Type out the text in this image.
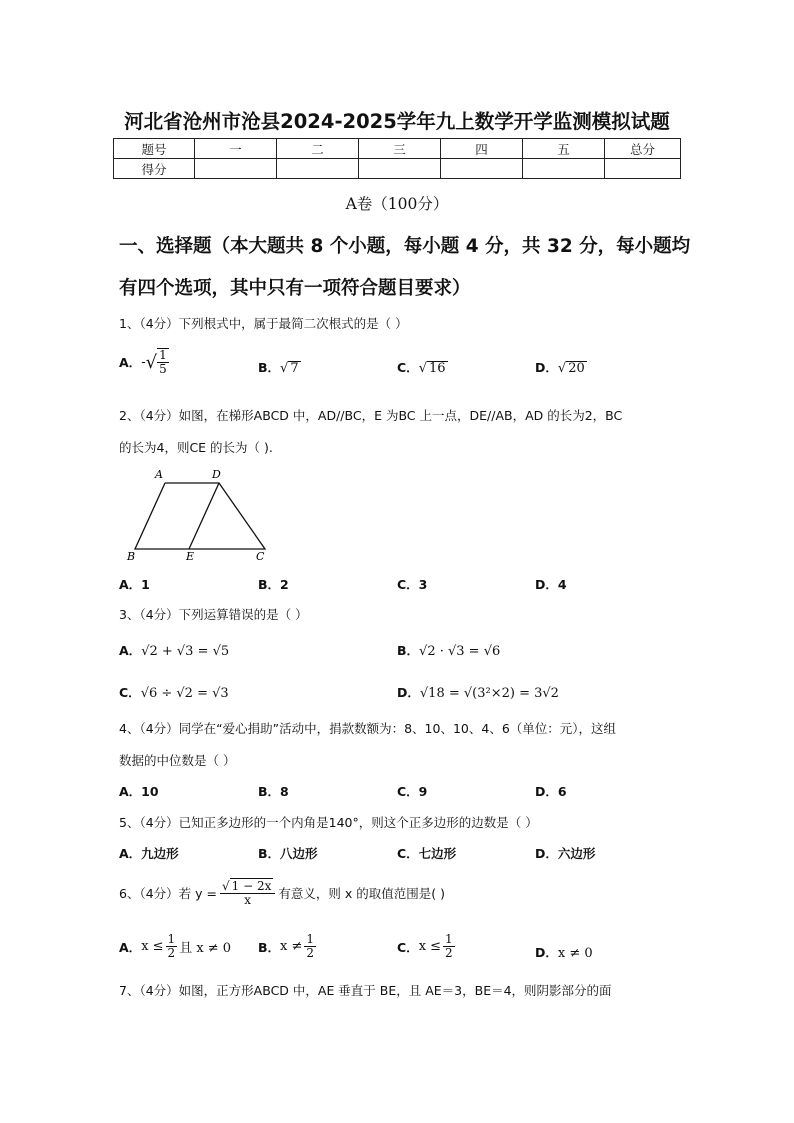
河北省沧州市沧县2024-2025学年九上数学开学监测模拟试题
题号	一	二	三	四	五	总分
得分						
A卷（100分）
一、选择题（本大题共 8 个小题，每小题 4 分，共 32 分，每小题均
有四个选项，其中只有一项符合题目要求）
1、（4分）下列根式中，属于最简二次根式的是（ ）
A． - √ $\frac{1}{5}$	B．√ 7	C．√ 16	D．√ 20
2、（4分）如图，在梯形ABCD 中，AD//BC，E 为BC 上一点，DE//AB，AD 的长为2，BC
的长为4，则CE 的长为（ ).
A	D
B	E	C
A．1	B．2	C．3	D．4
3、（4分）下列运算错误的是（ ）
A．√2 + √3 = √5	B．√2 · √3 = √6
C．√6 ÷ √2 = √3	D．√18 = √(3²×2) = 3√2
4、（4分）同学在“爱心捐助”活动中，捐款数额为：8、10、10、4、6（单位：元），这组
数据的中位数是（ ）
A．10	B．8	C．9	D．6
5、（4分）已知正多边形的一个内角是140°，则这个正多边形的边数是（ ）
A．九边形	B．八边形	C．七边形	D．六边形
6、（4分）若 $y = \frac{√ 1 - 2x}{x}$ 有意义，则 x 的取值范围是( )
A． $x \le \frac{1}{2}$ 且 x ≠ 0 B． $x \ne \frac{1}{2}$	C． $x \le \frac{1}{2}$	D．x ≠ 0
7、（4分）如图，正方形ABCD 中，AE 垂直于 BE，且 AE＝3，BE＝4，则阴影部分的面
